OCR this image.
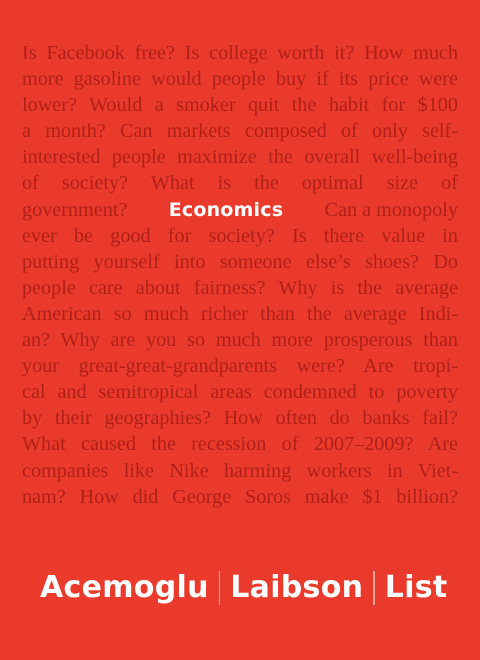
Is Facebook free? Is college worth it? How much
more gasoline would people buy if its price were
lower? Would a smoker quit the habit for $100
a month? Can markets composed of only self-
interested people maximize the overall well-being
of society? What is the optimal size of
government? Economics Can a monopoly
ever be good for society? Is there value in
putting yourself into someone else’s shoes? Do
people care about fairness? Why is the average
American so much richer than the average Indi-
an? Why are you so much more prosperous than
your great-great-grandparents were? Are tropi-
cal and semitropical areas condemned to poverty
by their geographies? How often do banks fail?
What caused the recession of 2007–2009? Are
companies like Nike harming workers in Viet-
nam? How did George Soros make $1 billion?
Acemoglu Laibson List
